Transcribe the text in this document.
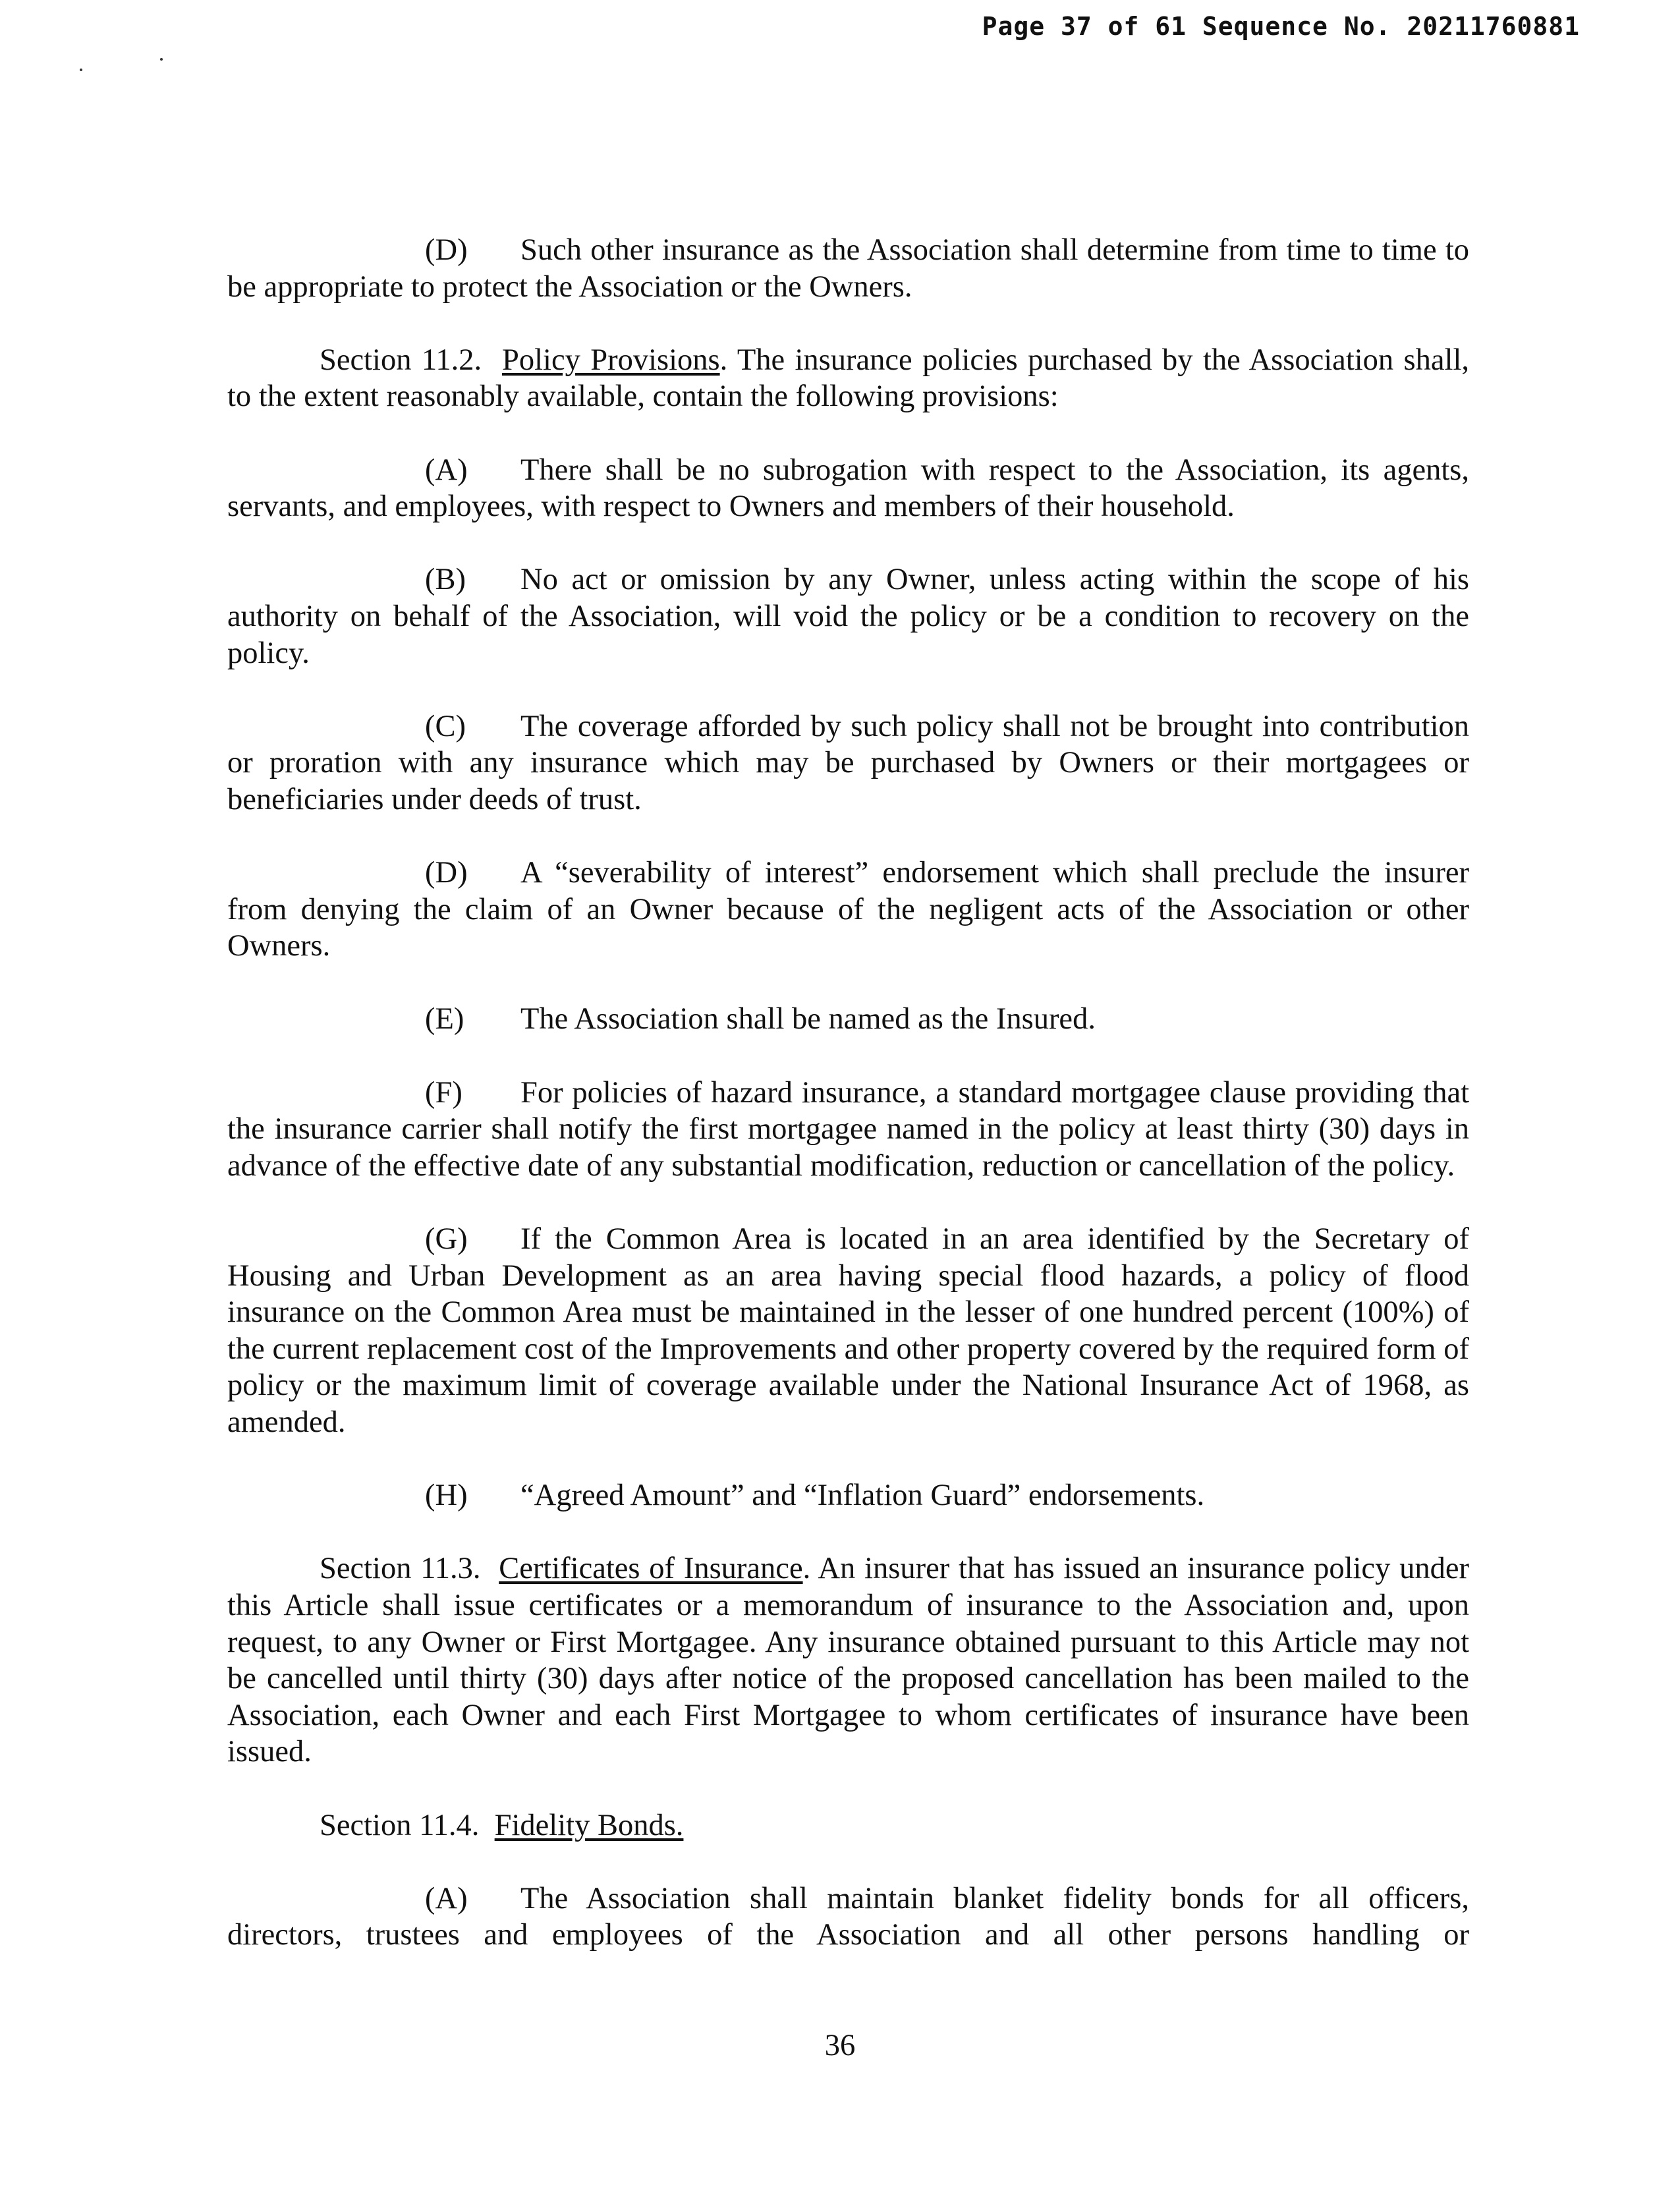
Page 37 of 61 Sequence No. 20211760881

(D) Such other insurance as the Association shall determine from time to time to be appropriate to protect the Association or the Owners.

Section 11.2. Policy Provisions. The insurance policies purchased by the Association shall, to the extent reasonably available, contain the following provisions:

(A) There shall be no subrogation with respect to the Association, its agents, servants, and employees, with respect to Owners and members of their household.

(B) No act or omission by any Owner, unless acting within the scope of his authority on behalf of the Association, will void the policy or be a condition to recovery on the policy.

(C) The coverage afforded by such policy shall not be brought into contribution or proration with any insurance which may be purchased by Owners or their mortgagees or beneficiaries under deeds of trust.

(D) A “severability of interest” endorsement which shall preclude the insurer from denying the claim of an Owner because of the negligent acts of the Association or other Owners.

(E) The Association shall be named as the Insured.

(F) For policies of hazard insurance, a standard mortgagee clause providing that the insurance carrier shall notify the first mortgagee named in the policy at least thirty (30) days in advance of the effective date of any substantial modification, reduction or cancellation of the policy.

(G) If the Common Area is located in an area identified by the Secretary of Housing and Urban Development as an area having special flood hazards, a policy of flood insurance on the Common Area must be maintained in the lesser of one hundred percent (100%) of the current replacement cost of the Improvements and other property covered by the required form of policy or the maximum limit of coverage available under the National Insurance Act of 1968, as amended.

(H) “Agreed Amount” and “Inflation Guard” endorsements.

Section 11.3. Certificates of Insurance. An insurer that has issued an insurance policy under this Article shall issue certificates or a memorandum of insurance to the Association and, upon request, to any Owner or First Mortgagee. Any insurance obtained pursuant to this Article may not be cancelled until thirty (30) days after notice of the proposed cancellation has been mailed to the Association, each Owner and each First Mortgagee to whom certificates of insurance have been issued.

Section 11.4. Fidelity Bonds.

(A) The Association shall maintain blanket fidelity bonds for all officers, directors, trustees and employees of the Association and all other persons handling or

36
